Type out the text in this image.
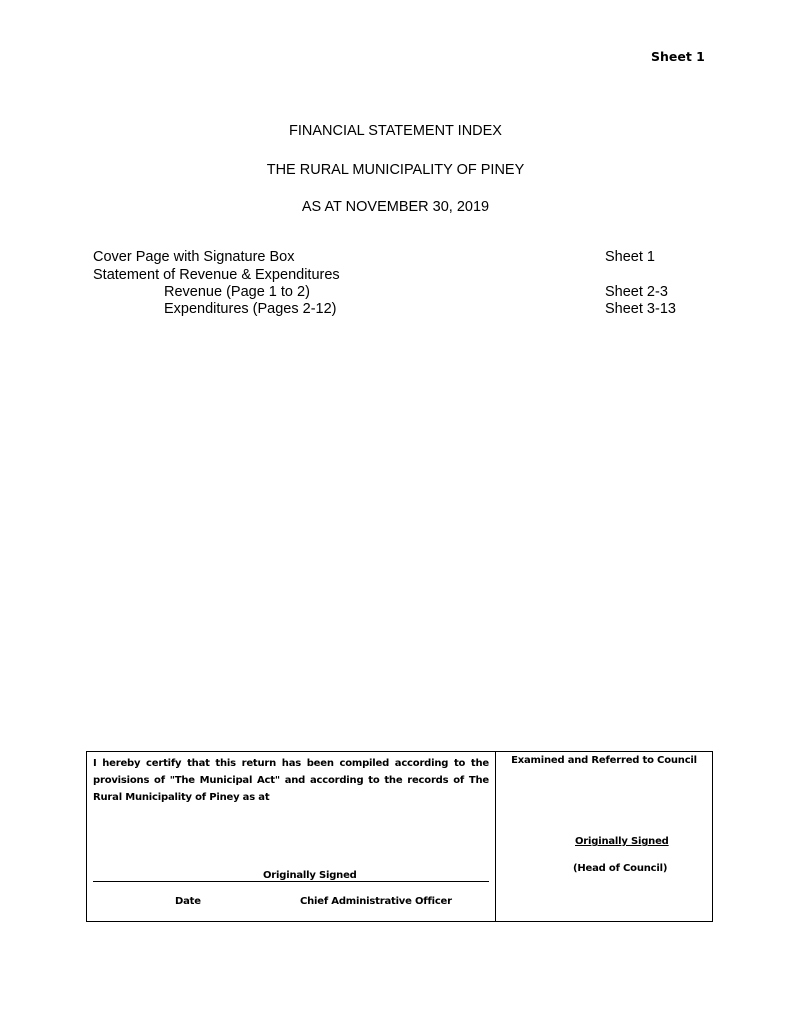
Sheet 1
FINANCIAL STATEMENT INDEX
THE RURAL MUNICIPALITY OF PINEY
AS AT NOVEMBER 30, 2019
Cover Page with Signature Box	Sheet 1
Statement of Revenue & Expenditures
Revenue (Page 1 to 2)	Sheet 2-3
Expenditures (Pages 2-12)	Sheet 3-13
I hereby certify that this return has been compiled according to the provisions of "The Municipal Act" and according to the records of The Rural Municipality of Piney as at
Originally Signed
Date	Chief Administrative Officer
Examined and Referred to Council
Originally Signed
(Head of Council)
